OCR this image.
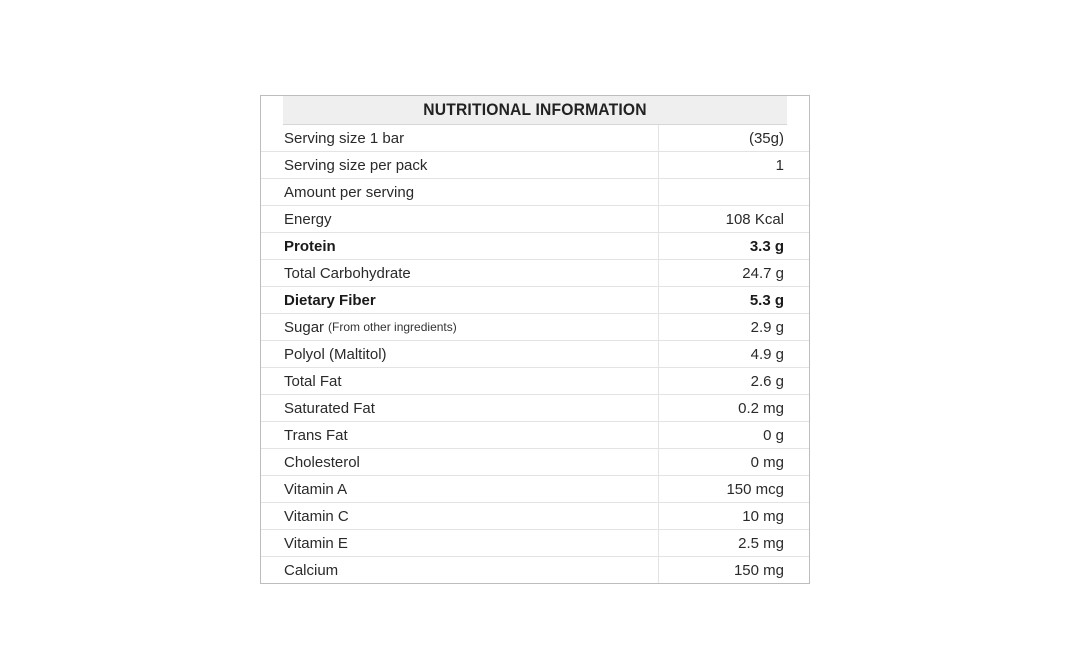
NUTRITIONAL INFORMATION
Serving size 1 bar	(35g)
Serving size per pack	1
Amount per serving
Energy	108 Kcal
Protein	3.3 g
Total Carbohydrate	24.7 g
Dietary Fiber	5.3 g
Sugar (From other ingredients)	2.9 g
Polyol (Maltitol)	4.9 g
Total Fat	2.6 g
Saturated Fat	0.2 mg
Trans Fat	0 g
Cholesterol	0 mg
Vitamin A	150 mcg
Vitamin C	10 mg
Vitamin E	2.5 mg
Calcium	150 mg
